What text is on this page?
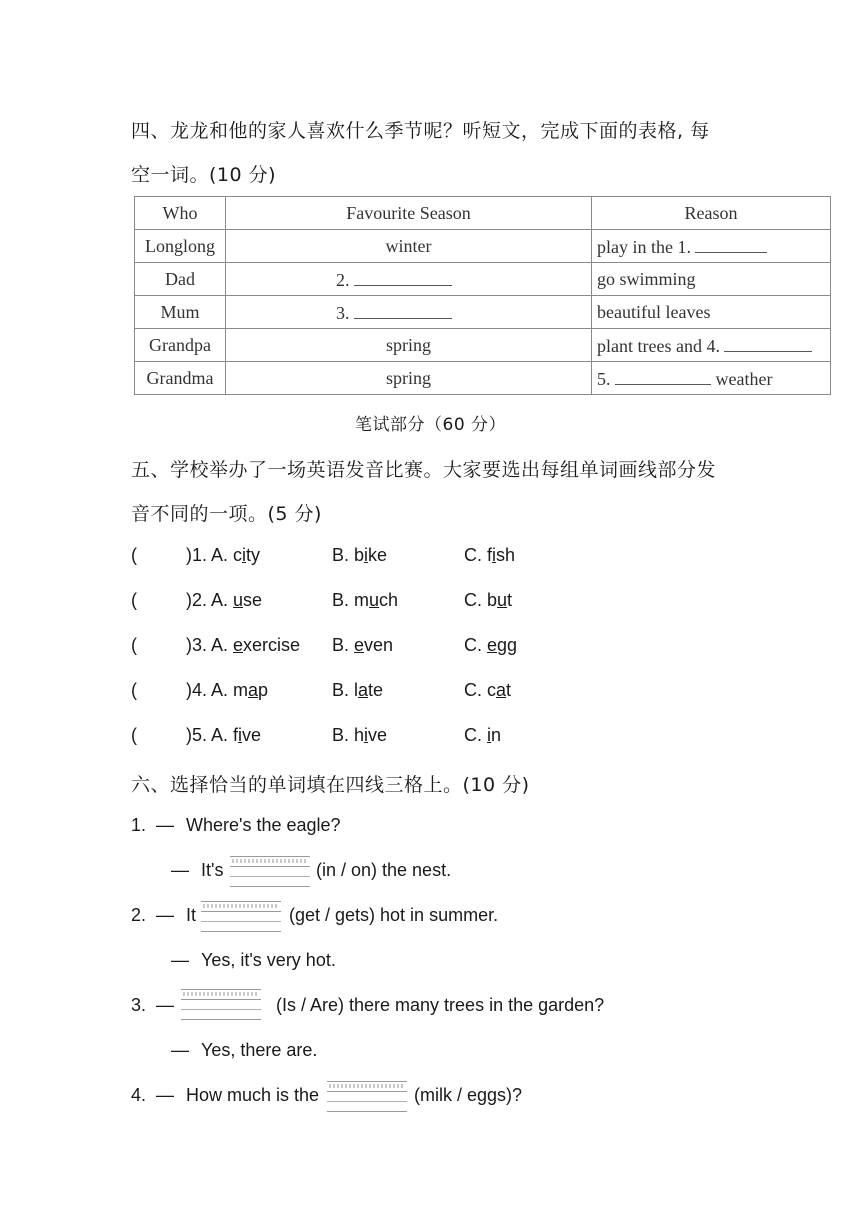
四、龙龙和他的家人喜欢什么季节呢？听短文，完成下面的表格, 每
空一词。(10 分)
Who	Favourite Season	Reason
Longlong	winter	play in the 1.
Dad	2.	go swimming
Mum	3.	beautiful leaves
Grandpa	spring	plant trees and 4.
Grandma	spring	5. weather
笔试部分（60 分）
五、学校举办了一场英语发音比赛。大家要选出每组单词画线部分发
音不同的一项。(5 分)
(	)1. A. city	B. bike	C. fish
(	)2. A. use	B. much	C. but
(	)3. A. exercise B. even	C. egg
(	)4. A. map	B. late	C. cat
(	)5. A. five	B. hive	C. in
六、选择恰当的单词填在四线三格上。(10 分)
1. — Where's the eagle?
— It's	(in / on) the nest.
2. — It	(get / gets) hot in summer.
— Yes, it's very hot.
3. —	(Is / Are) there many trees in the garden?
— Yes, there are.
4. — How much is the	(milk / eggs)?
